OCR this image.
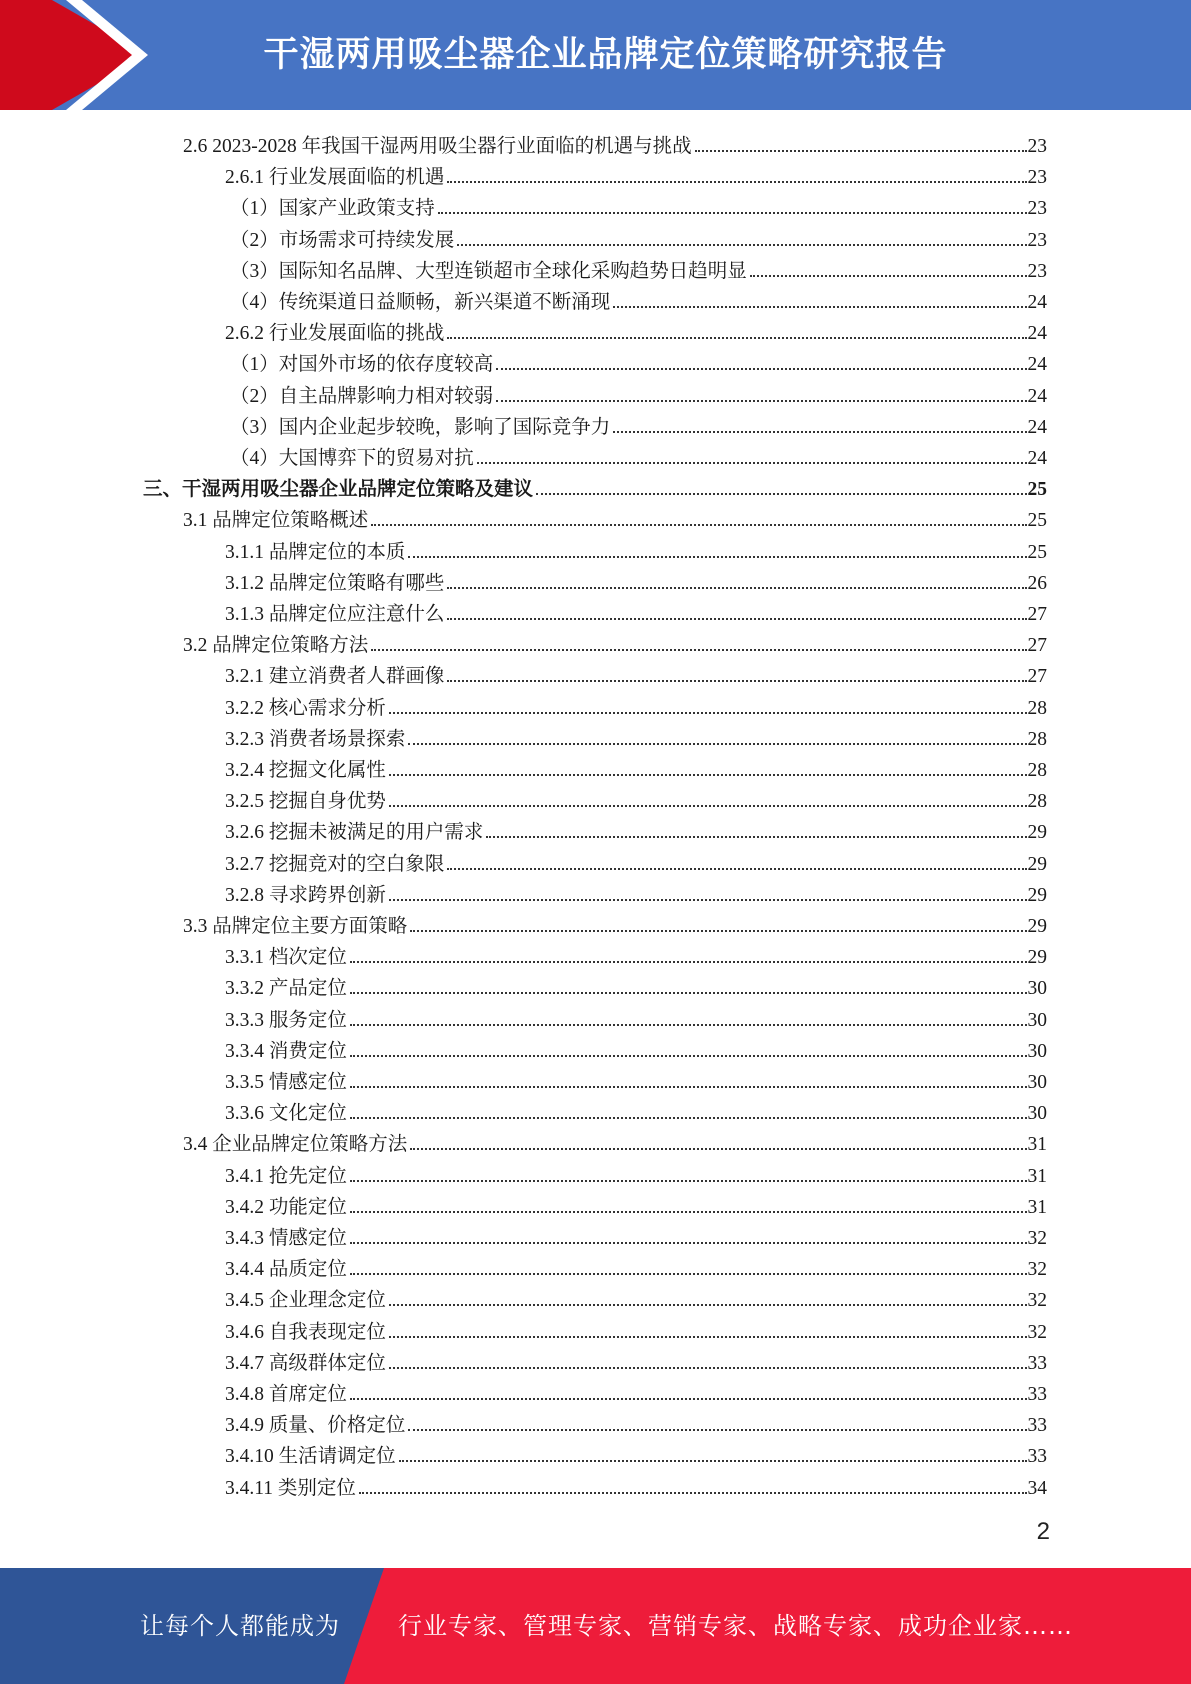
干湿两用吸尘器企业品牌定位策略研究报告
2.6 2023-2028 年我国干湿两用吸尘器行业面临的机遇与挑战	23
2.6.1 行业发展面临的机遇	23
（1）国家产业政策支持	23
（2）市场需求可持续发展	23
（3）国际知名品牌、大型连锁超市全球化采购趋势日趋明显	23
（4）传统渠道日益顺畅，新兴渠道不断涌现	24
2.6.2 行业发展面临的挑战	24
（1）对国外市场的依存度较高	24
（2）自主品牌影响力相对较弱	24
（3）国内企业起步较晚，影响了国际竞争力	24
（4）大国博弈下的贸易对抗	24
三、干湿两用吸尘器企业品牌定位策略及建议	25
3.1 品牌定位策略概述	25
3.1.1 品牌定位的本质	25
3.1.2 品牌定位策略有哪些	26
3.1.3 品牌定位应注意什么	27
3.2 品牌定位策略方法	27
3.2.1 建立消费者人群画像	27
3.2.2 核心需求分析	28
3.2.3 消费者场景探索	28
3.2.4 挖掘文化属性	28
3.2.5 挖掘自身优势	28
3.2.6 挖掘未被满足的用户需求	29
3.2.7 挖掘竞对的空白象限	29
3.2.8 寻求跨界创新	29
3.3 品牌定位主要方面策略	29
3.3.1 档次定位	29
3.3.2 产品定位	30
3.3.3 服务定位	30
3.3.4 消费定位	30
3.3.5 情感定位	30
3.3.6 文化定位	30
3.4 企业品牌定位策略方法	31
3.4.1 抢先定位	31
3.4.2 功能定位	31
3.4.3 情感定位	32
3.4.4 品质定位	32
3.4.5 企业理念定位	32
3.4.6 自我表现定位	32
3.4.7 高级群体定位	33
3.4.8 首席定位	33
3.4.9 质量、价格定位	33
3.4.10 生活请调定位	33
3.4.11 类别定位	34
2
让每个人都能成为 行业专家、管理专家、营销专家、战略专家、成功企业家……
